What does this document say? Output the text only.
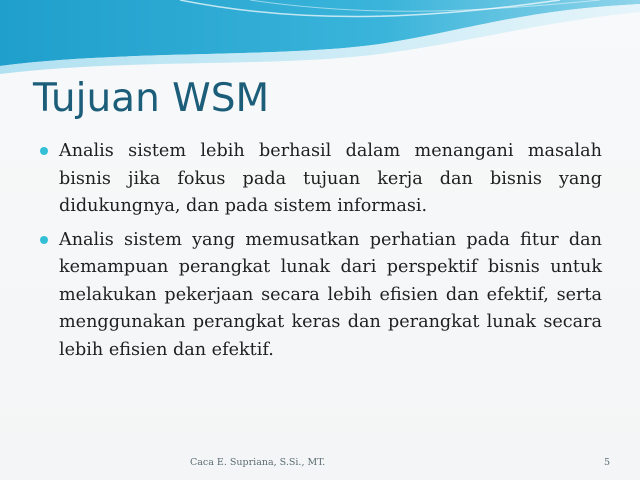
Tujuan WSM
Analis sistem lebih berhasil dalam menangani masalah bisnis jika fokus pada tujuan kerja dan bisnis yang didukungnya, dan pada sistem informasi.
Analis sistem yang memusatkan perhatian pada fitur dan kemampuan perangkat lunak dari perspektif bisnis untuk melakukan pekerjaan secara lebih efisien dan efektif, serta menggunakan perangkat keras dan perangkat lunak secara lebih efisien dan efektif.
Caca E. Supriana, S.Si., MT.	5
